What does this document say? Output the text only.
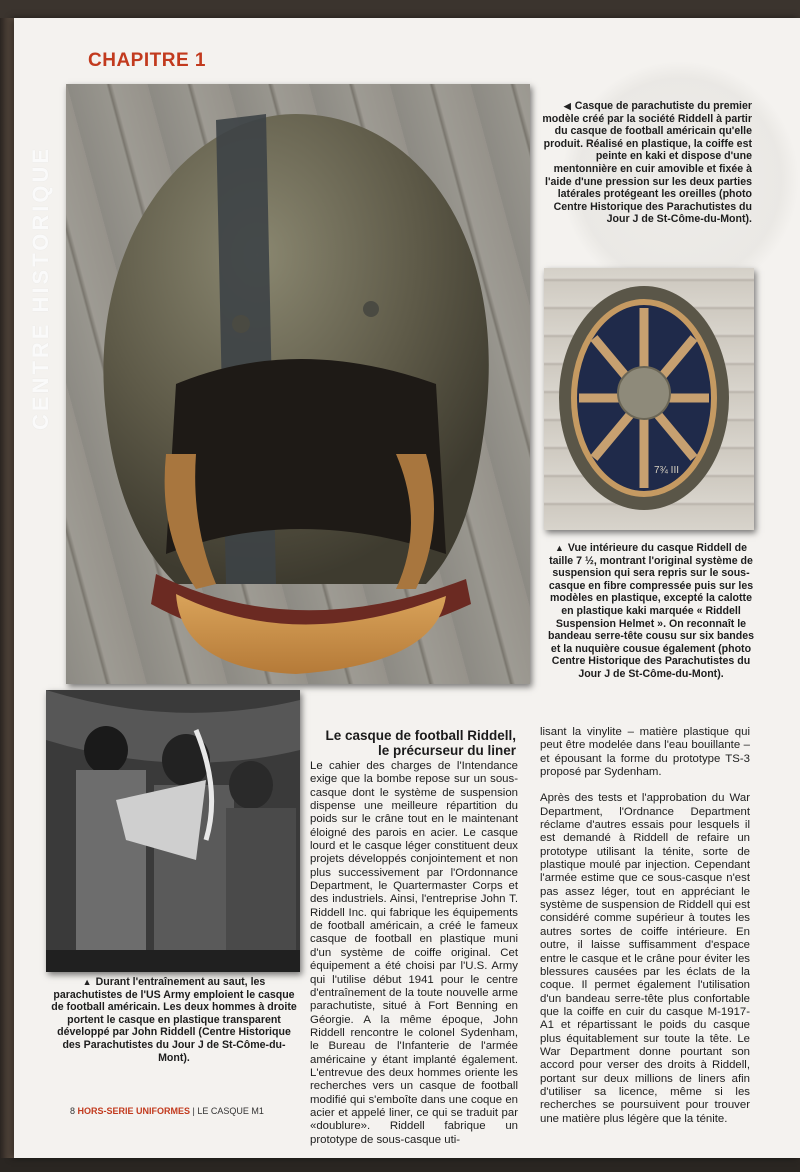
CHAPITRE 1
CENTRE HISTORIQUE
7¾ III
◀ Casque de parachutiste du premier modèle créé par la société Riddell à partir du casque de football américain qu'elle produit. Réalisé en plastique, la coiffe est peinte en kaki et dispose d'une mentonnière en cuir amovible et fixée à l'aide d'une pression sur les deux parties latérales protégeant les oreilles (photo Centre Historique des Parachutistes du Jour J de St-Côme-du-Mont).
▲ Vue intérieure du casque Riddell de taille 7 ½, montrant l'original système de suspension qui sera repris sur le sous-casque en fibre compressée puis sur les modèles en plastique, excepté la calotte en plastique kaki marquée « Riddell Suspension Helmet ». On reconnaît le bandeau serre-tête cousu sur six bandes et la nuquière cousue également (photo Centre Historique des Parachutistes du Jour J de St-Côme-du-Mont).
▲ Durant l'entraînement au saut, les parachutistes de l'US Army emploient le casque de football américain. Les deux hommes à droite portent le casque en plastique transparent développé par John Riddell (Centre Historique des Parachutistes du Jour J de St-Côme-du-Mont).
Le casque de football Riddell,
le précurseur du liner

Le cahier des charges de l'Intendance exige que la bombe repose sur un sous-casque dont le système de suspension dispense une meilleure répartition du poids sur le crâne tout en le maintenant éloigné des parois en acier. Le casque lourd et le casque léger constituent deux projets développés conjointement et non plus successivement par l'Ordonnance Department, le Quartermaster Corps et des industriels. Ainsi, l'entreprise John T. Riddell Inc. qui fabrique les équipements de football américain, a créé le fameux casque de football en plastique muni d'un système de coiffe original. Cet équipement a été choisi par l'U.S. Army qui l'utilise début 1941 pour le centre d'entraînement de la toute nouvelle arme parachutiste, situé à Fort Benning en Géorgie. A la même époque, John Riddell rencontre le colonel Sydenham, le Bureau de l'Infanterie de l'armée américaine y étant implanté également. L'entrevue des deux hommes oriente les recherches vers un casque de football modifié qui s'emboîte dans une coque en acier et appelé liner, ce qui se traduit par «doublure». Riddell fabrique un prototype de sous-casque uti-

lisant la vinylite – matière plastique qui peut être modelée dans l'eau bouillante – et épousant la forme du prototype TS-3 proposé par Sydenham.

Après des tests et l'approbation du War Department, l'Ordnance Department réclame d'autres essais pour lesquels il est demandé à Riddell de refaire un prototype utilisant la ténite, sorte de plastique moulé par injection. Cependant l'armée estime que ce sous-casque n'est pas assez léger, tout en appréciant le système de suspension de Riddell qui est considéré comme supérieur à toutes les autres sortes de coiffe intérieure. En outre, il laisse suffisamment d'espace entre le casque et le crâne pour éviter les blessures causées par les éclats de la coque. Il permet également l'utilisation d'un bandeau serre-tête plus confortable que la coiffe en cuir du casque M-1917-A1 et répartissant le poids du casque plus équitablement sur toute la tête. Le War Department donne pourtant son accord pour verser des droits à Riddell, portant sur deux millions de liners afin d'utiliser sa licence, même si les recherches se poursuivent pour trouver une matière plus légère que la ténite.

8 HORS-SERIE UNIFORMES | LE CASQUE M1
